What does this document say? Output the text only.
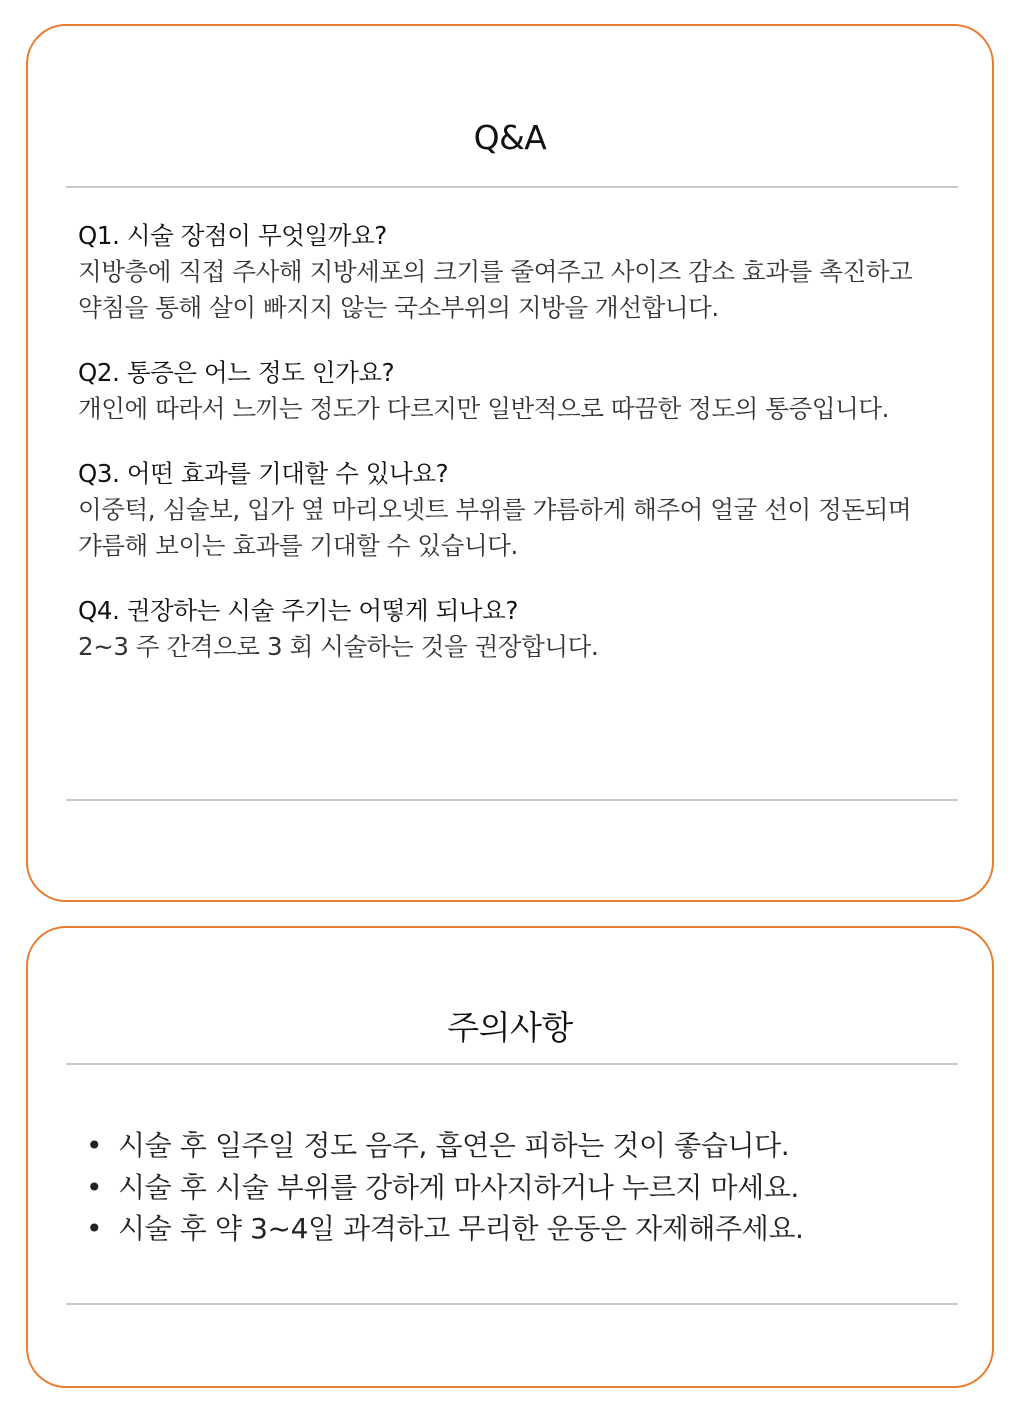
Q&A
Q1. 시술 장점이 무엇일까요?
지방층에 직접 주사해 지방세포의 크기를 줄여주고 사이즈 감소 효과를 촉진하고 약침을 통해 살이 빠지지 않는 국소부위의 지방을 개선합니다.
Q2. 통증은 어느 정도 인가요?
개인에 따라서 느끼는 정도가 다르지만 일반적으로 따끔한 정도의 통증입니다.
Q3. 어떤 효과를 기대할 수 있나요?
이중턱, 심술보, 입가 옆 마리오넷트 부위를 갸름하게 해주어 얼굴 선이 정돈되며 갸름해 보이는 효과를 기대할 수 있습니다.
Q4. 권장하는 시술 주기는 어떻게 되나요?
2~3 주 간격으로 3 회 시술하는 것을 권장합니다.
주의사항
• 시술 후 일주일 정도 음주, 흡연은 피하는 것이 좋습니다.
• 시술 후 시술 부위를 강하게 마사지하거나 누르지 마세요.
• 시술 후 약 3~4일 과격하고 무리한 운동은 자제해주세요.
